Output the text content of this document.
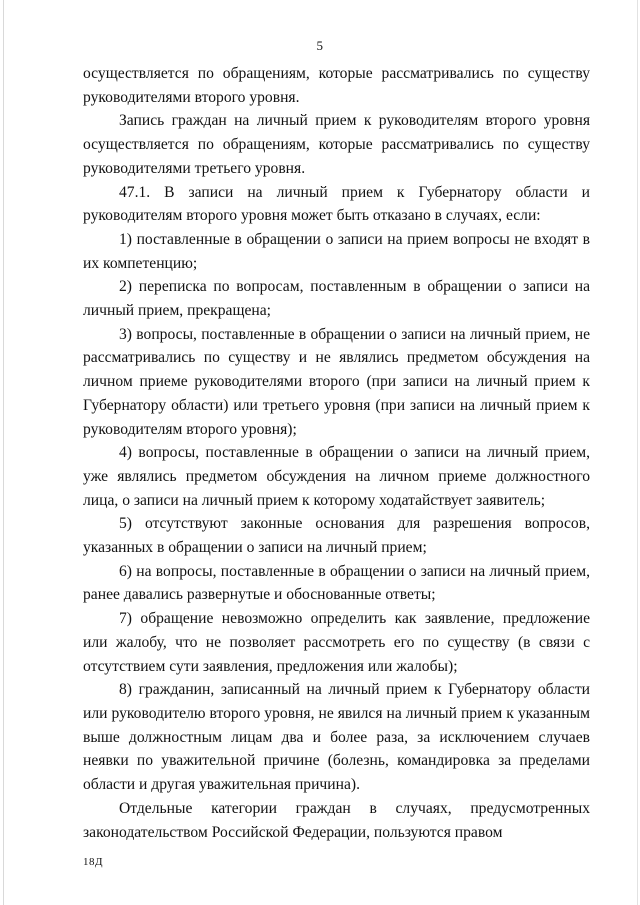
5

осуществляется по обращениям, которые рассматривались по существу руководителями второго уровня.

Запись граждан на личный прием к руководителям второго уровня осуществляется по обращениям, которые рассматривались по существу руководителями третьего уровня.

47.1. В записи на личный прием к Губернатору области и руководителям второго уровня может быть отказано в случаях, если:

1) поставленные в обращении о записи на прием вопросы не входят в их компетенцию;

2) переписка по вопросам, поставленным в обращении о записи на личный прием, прекращена;

3) вопросы, поставленные в обращении о записи на личный прием, не рассматривались по существу и не являлись предметом обсуждения на личном приеме руководителями второго (при записи на личный прием к Губернатору области) или третьего уровня (при записи на личный прием к руководителям второго уровня);

4) вопросы, поставленные в обращении о записи на личный прием, уже являлись предметом обсуждения на личном приеме должностного лица, о записи на личный прием к которому ходатайствует заявитель;

5) отсутствуют законные основания для разрешения вопросов, указанных в обращении о записи на личный прием;

6) на вопросы, поставленные в обращении о записи на личный прием, ранее давались развернутые и обоснованные ответы;

7) обращение невозможно определить как заявление, предложение или жалобу, что не позволяет рассмотреть его по существу (в связи с отсутствием сути заявления, предложения или жалобы);

8) гражданин, записанный на личный прием к Губернатору области или руководителю второго уровня, не явился на личный прием к указанным выше должностным лицам два и более раза, за исключением случаев неявки по уважительной причине (болезнь, командировка за пределами области и другая уважительная причина).

Отдельные категории граждан в случаях, предусмотренных законодательством Российской Федерации, пользуются правом

18Д
